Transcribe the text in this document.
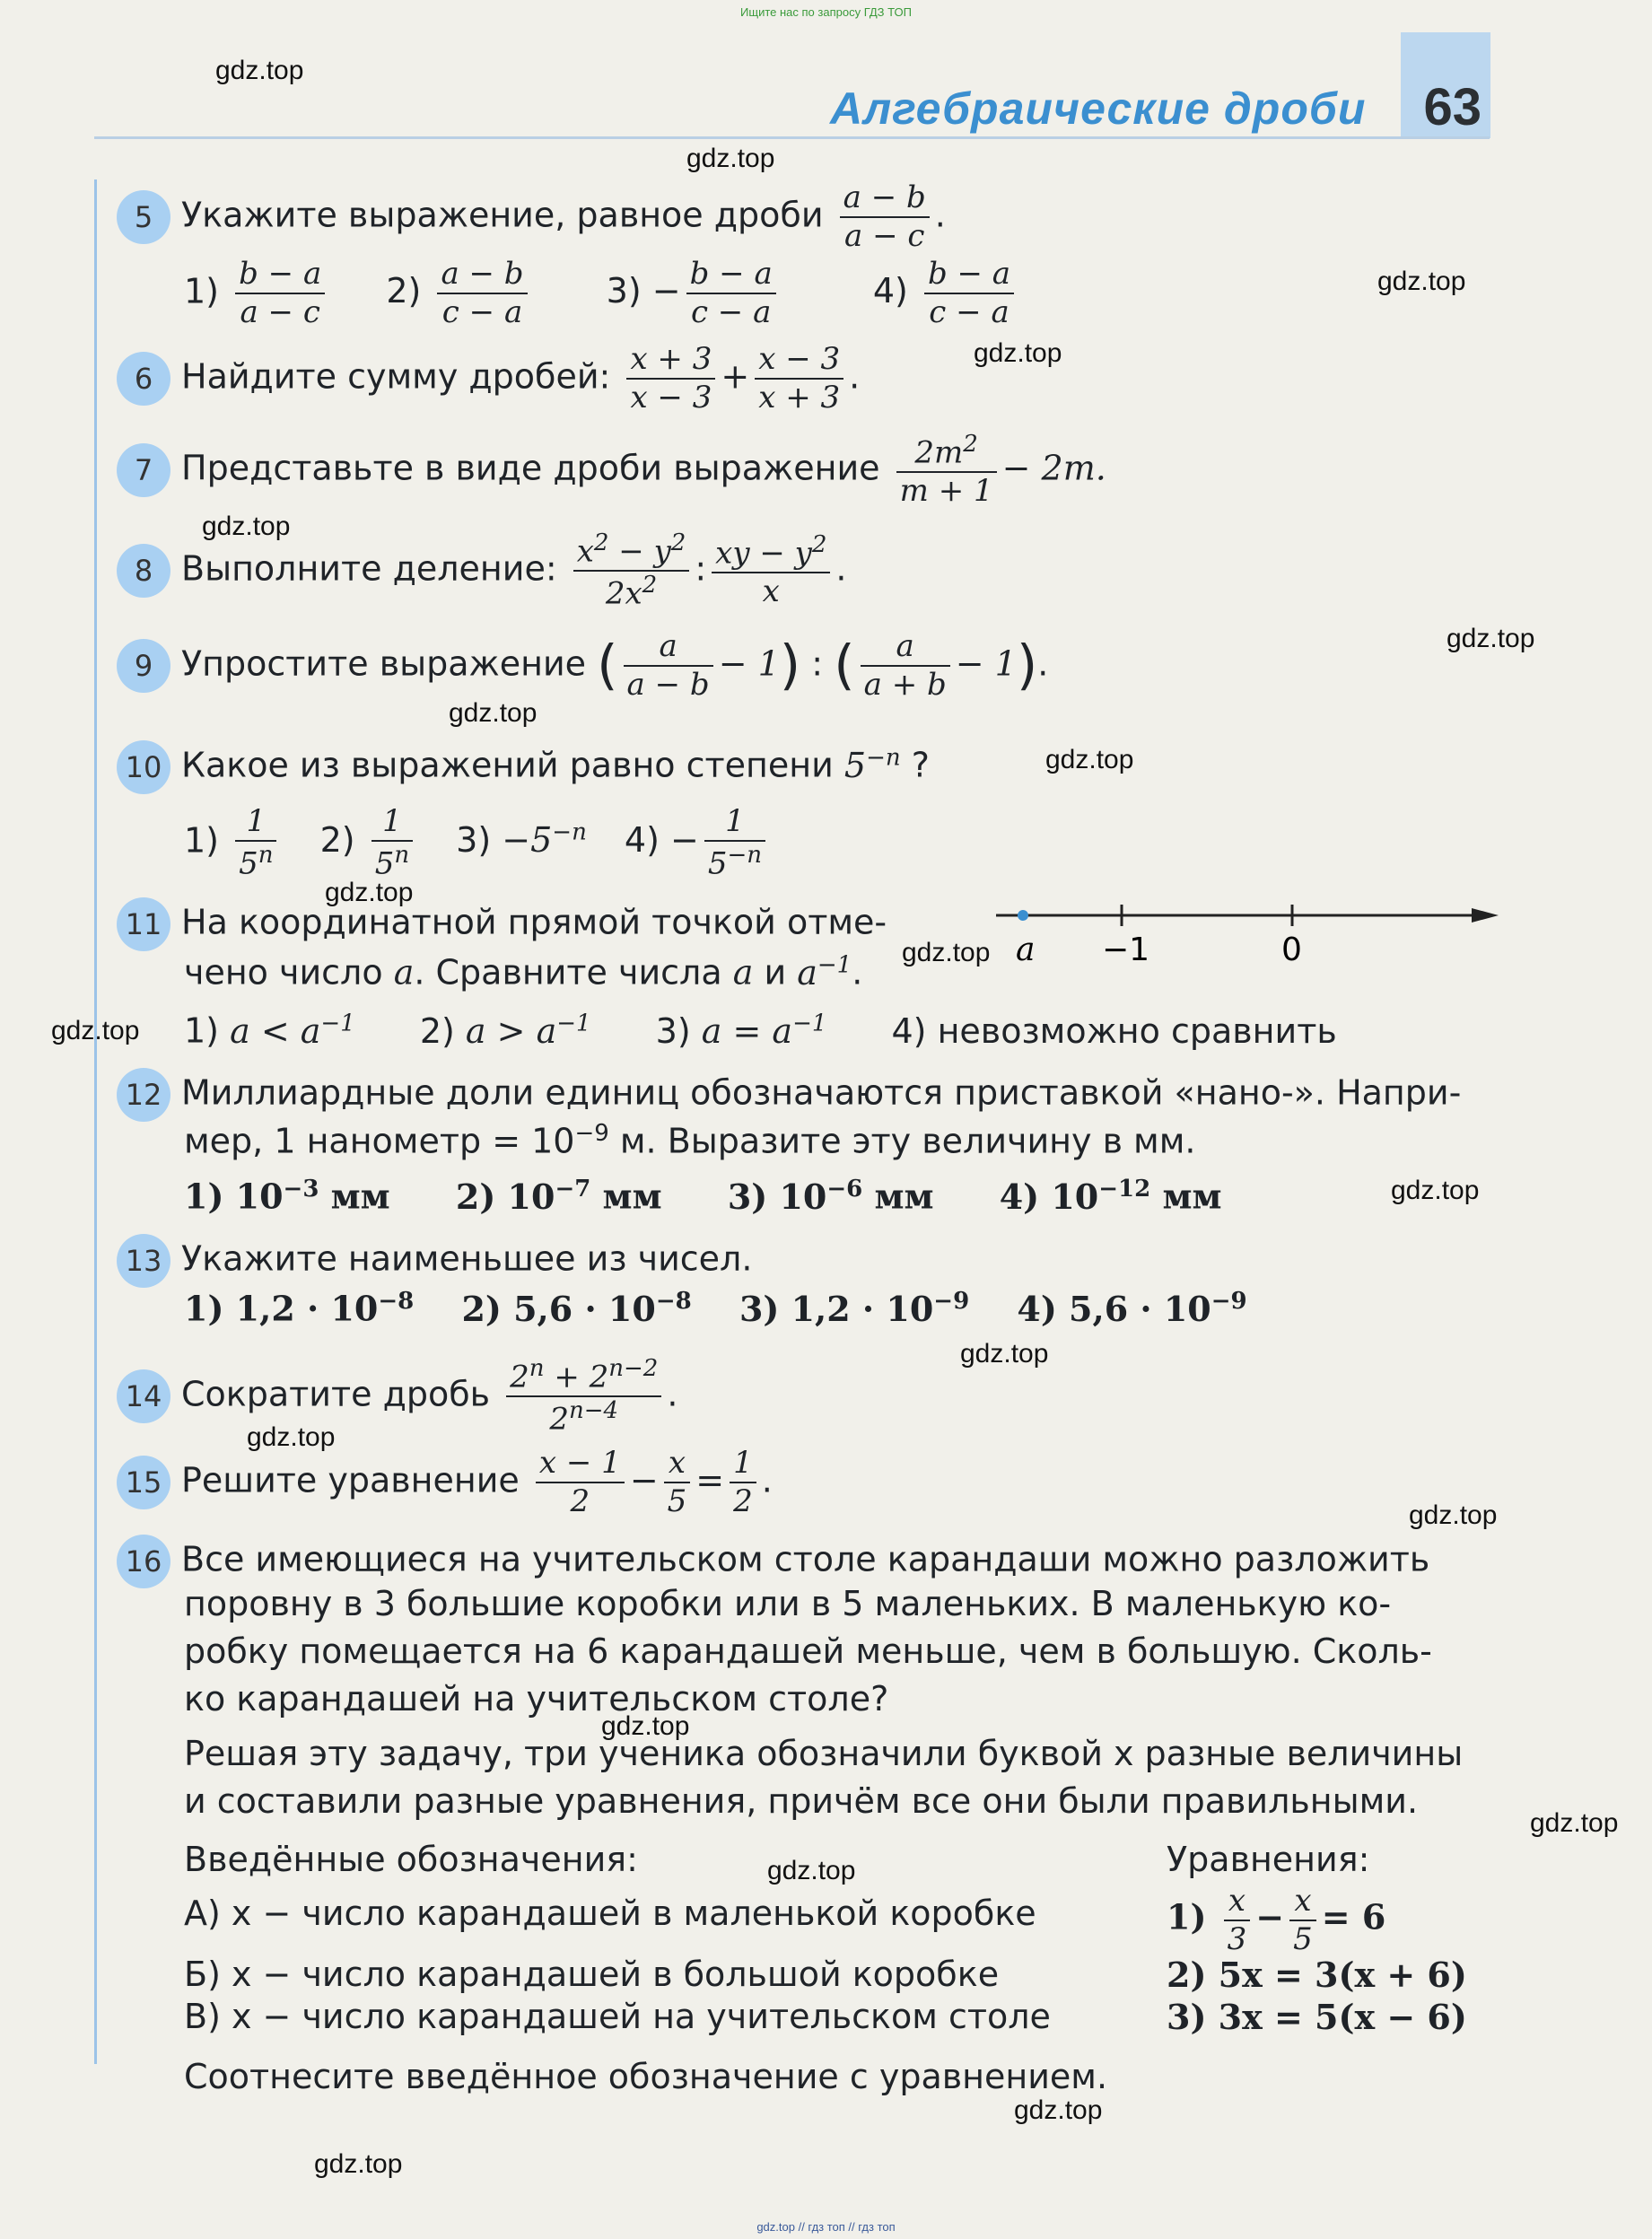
Ищите нас по запросу ГДЗ ТОП
Алгебраические дроби 63
gdz.top
gdz.top
gdz.top
gdz.top
gdz.top
gdz.top
gdz.top
gdz.top
gdz.top
gdz.top
gdz.top
gdz.top
gdz.top
gdz.top
gdz.top
gdz.top
gdz.top
gdz.top
gdz.top
gdz.top
5 Укажите выражение, равное дроби $\frac{a - b}{a - c}$ .
$1) \frac{b - a}{a - c} 2) \frac{a - b}{c - a} 3) - \frac{b - a}{c - a}$	$4) \frac{b - a}{c - a}$
6 Найдите сумму дробей: $\frac{x + 3}{x - 3} + \frac{x - 3}{x + 3}$ .
7 Представьте в виде дроби выражение $\frac{2m^2}{m + 1} - 2m$.
8 Выполните деление: $\frac{x^2 - y^2}{2x^2}$ : $\frac{xy - y^2}{x}$ .
9 Упростите выражение ( $\frac{a}{a - b} - 1$) : ( $\frac{a}{a + b} - 1$).
10 Какое из выражений равно степени $5^{-n}$ ?
$1) \frac{1}{5^n} 2) \frac{1}{5^n} 3) -5^{-n}$ $4) - \frac{1}{5^{-n}}$
11 На координатной прямой точкой отме-
чено число a. Сравните числа a и $a^{-1}$.
a −1	0
1) $a < a^{-1}$ 2) $a > a^{-1}$ 3) $a = a^{-1}$ 4) невозможно сравнить
12 Миллиардные доли единиц обозначаются приставкой «нано-». Напри-
мер, 1 нанометр = $10^{-9}$ м. Выразите эту величину в мм.
1) $10^{-3}$ мм 2) $10^{-7}$ мм 3) $10^{-6}$ мм 4) $10^{-12}$ мм
13 Укажите наименьшее из чисел.
1) $1,2 \cdot 10^{-8}$ 2) $5,6 \cdot 10^{-8}$ 3) $1,2 \cdot 10^{-9}$ 4) $5,6 \cdot 10^{-9}$
14 Сократите дробь $\frac{2^n + 2^{n-2}}{2^{n-4}}$ .
15 Решите уравнение $\frac{x - 1}{2} - \frac{x}{5} = \frac{1}{2}$ .
16 Все имеющиеся на учительском столе карандаши можно разложить
поровну в 3 большие коробки или в 5 маленьких. В маленькую ко-
робку помещается на 6 карандашей меньше, чем в большую. Сколь-
ко карандашей на учительском столе?
Решая эту задачу, три ученика обозначили буквой x разные величины
и составили разные уравнения, причём все они были правильными.
Введённые обозначения:	Уравнения:
А) x − число карандашей в маленькой коробке	$1) \frac{x}{3} - \frac{x}{5} = 6$
Б) x − число карандашей в большой коробке	2) 5x = 3(x + 6)
В) x − число карандашей на учительском столе	3) 3x = 5(x − 6)
Соотнесите введённое обозначение с уравнением.
gdz.top // гдз топ // гдз топ
